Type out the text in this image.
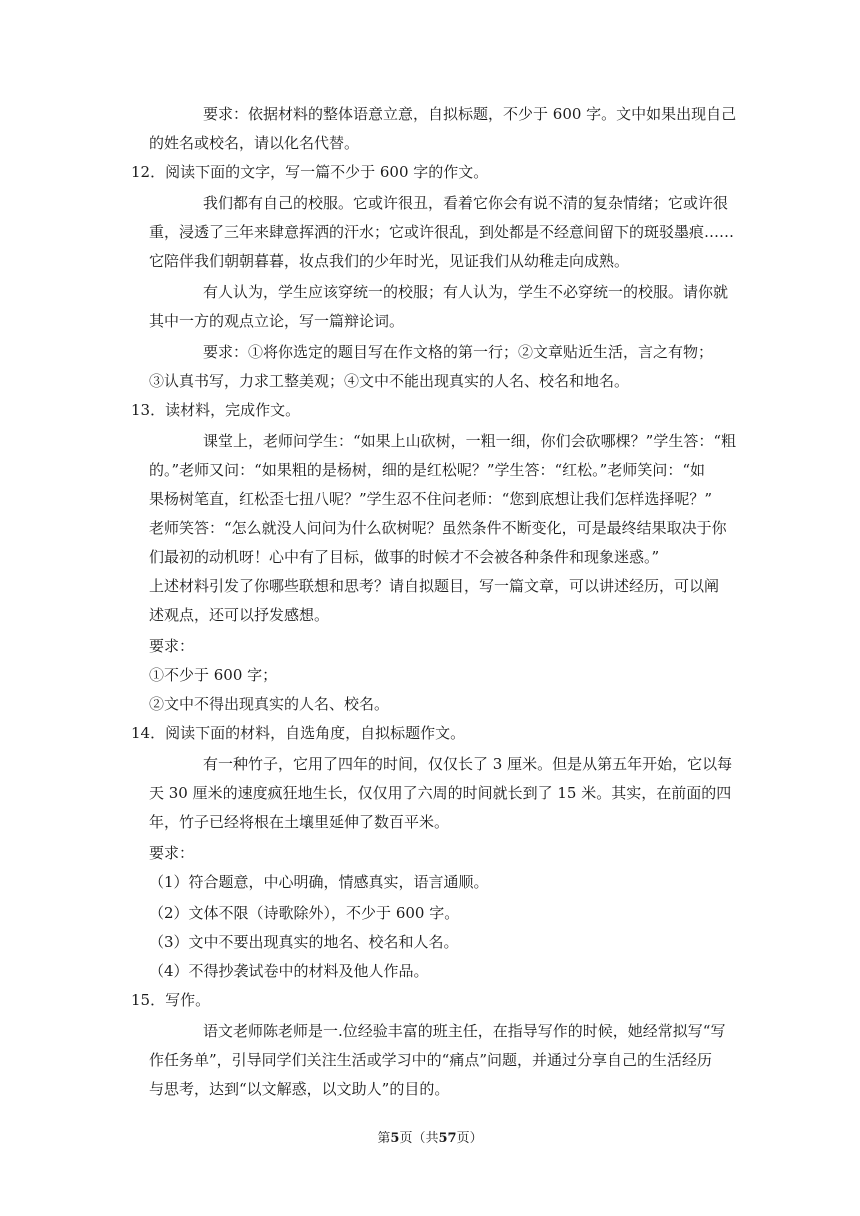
要求：依据材料的整体语意立意，自拟标题，不少于 600 字。文中如果出现自己
的姓名或校名，请以化名代替。
12．阅读下面的文字，写一篇不少于 600 字的作文。
我们都有自己的校服。它或许很丑，看着它你会有说不清的复杂情绪；它或许很
重，浸透了三年来肆意挥洒的汗水；它或许很乱，到处都是不经意间留下的斑驳墨痕……
它陪伴我们朝朝暮暮，妆点我们的少年时光，见证我们从幼稚走向成熟。
有人认为，学生应该穿统一的校服；有人认为，学生不必穿统一的校服。请你就
其中一方的观点立论，写一篇辩论词。
要求：①将你选定的题目写在作文格的第一行；②文章贴近生活，言之有物；
③认真书写，力求工整美观；④文中不能出现真实的人名、校名和地名。
13．读材料，完成作文。
课堂上，老师问学生：“如果上山砍树，一粗一细，你们会砍哪棵？”学生答：“粗
的。”老师又问：“如果粗的是杨树，细的是红松呢？”学生答：“红松。”老师笑问：“如
果杨树笔直，红松歪七扭八呢？”学生忍不住问老师：“您到底想让我们怎样选择呢？”
老师笑答：“怎么就没人问问为什么砍树呢？虽然条件不断变化，可是最终结果取决于你
们最初的动机呀！心中有了目标，做事的时候才不会被各种条件和现象迷惑。”
上述材料引发了你哪些联想和思考？请自拟题目，写一篇文章，可以讲述经历，可以阐
述观点，还可以抒发感想。
要求：
①不少于 600 字；
②文中不得出现真实的人名、校名。
14．阅读下面的材料，自选角度，自拟标题作文。
有一种竹子，它用了四年的时间，仅仅长了 3 厘米。但是从第五年开始，它以每
天 30 厘米的速度疯狂地生长，仅仅用了六周的时间就长到了 15 米。其实，在前面的四
年，竹子已经将根在土壤里延伸了数百平米。
要求：
（1）符合题意，中心明确，情感真实，语言通顺。
（2）文体不限（诗歌除外），不少于 600 字。
（3）文中不要出现真实的地名、校名和人名。
（4）不得抄袭试卷中的材料及他人作品。
15．写作。
语文老师陈老师是一.位经验丰富的班主任，在指导写作的时候，她经常拟写“写
作任务单”，引导同学们关注生活或学习中的“痛点”问题，并通过分享自己的生活经历
与思考，达到“以文解惑，以文助人”的目的。
第5页（共57页）
